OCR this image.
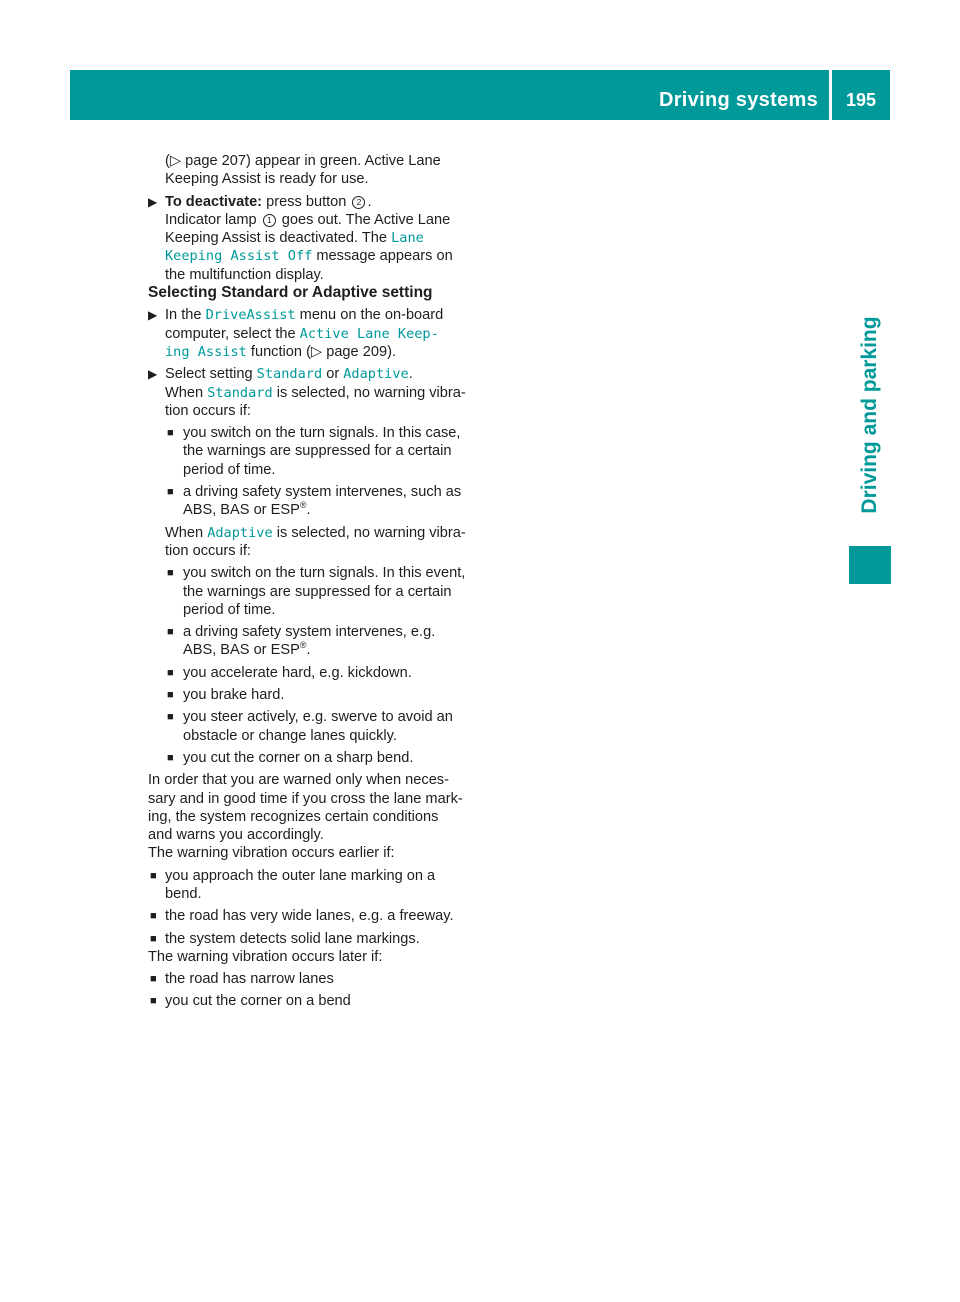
Driving systems	195
Driving and parking

(▷ page 207) appear in green. Active Lane

Keeping Assist is ready for use.

▶ To deactivate: press button 2 .

Indicator lamp 1 goes out. The Active Lane

Keeping Assist is deactivated. The Lane

Keeping Assist Off message appears on

the multifunction display.

Selecting Standard or Adaptive setting

▶ In the DriveAssist menu on the on-board

computer, select the Active Lane Keep‑

ing Assist function (▷ page 209).

▶ Select setting Standard or Adaptive.

When Standard is selected, no warning vibra-

tion occurs if:

■ you switch on the turn signals. In this case,

the warnings are suppressed for a certain

period of time.

■ a driving safety system intervenes, such as

ABS, BAS or ESP®.

When Adaptive is selected, no warning vibra-

tion occurs if:

■ you switch on the turn signals. In this event,

the warnings are suppressed for a certain

period of time.

■ a driving safety system intervenes, e.g.

ABS, BAS or ESP®.

■ you accelerate hard, e.g. kickdown.

■ you brake hard.

■ you steer actively, e.g. swerve to avoid an

obstacle or change lanes quickly.

■ you cut the corner on a sharp bend.

In order that you are warned only when neces-

sary and in good time if you cross the lane mark-

ing, the system recognizes certain conditions

and warns you accordingly.

The warning vibration occurs earlier if:

■ you approach the outer lane marking on a

bend.

■ the road has very wide lanes, e.g. a freeway.

■ the system detects solid lane markings.

The warning vibration occurs later if:

■ the road has narrow lanes

■ you cut the corner on a bend
